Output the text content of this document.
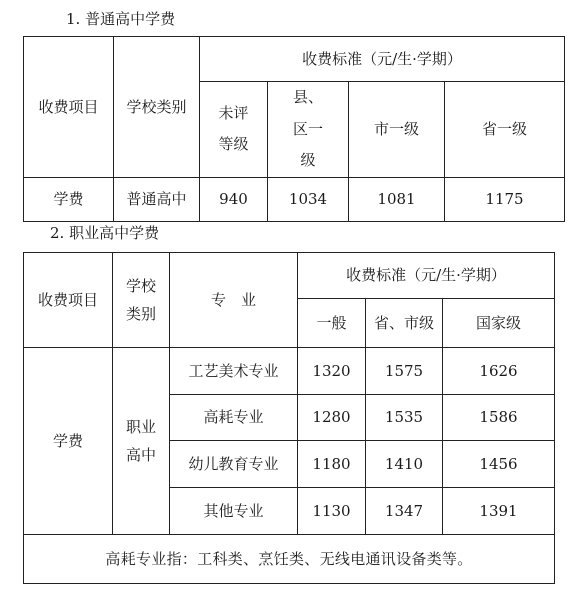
1. 普通高中学费
收费项目	学校类别	收费标准（元/生·学期）			
		未评等级	县、区一级	市一级	省一级
学费	普通高中	940	1034	1081	1175
2. 职业高中学费
收费项目	学校类别	专　业	收费标准（元/生·学期）		
			一般	省、市级	国家级
学费	职业高中	工艺美术专业	1320	1575	1626
		高耗专业	1280	1535	1586
		幼儿教育专业	1180	1410	1456
		其他专业	1130	1347	1391
高耗专业指：工科类、烹饪类、无线电通讯设备类等。					
